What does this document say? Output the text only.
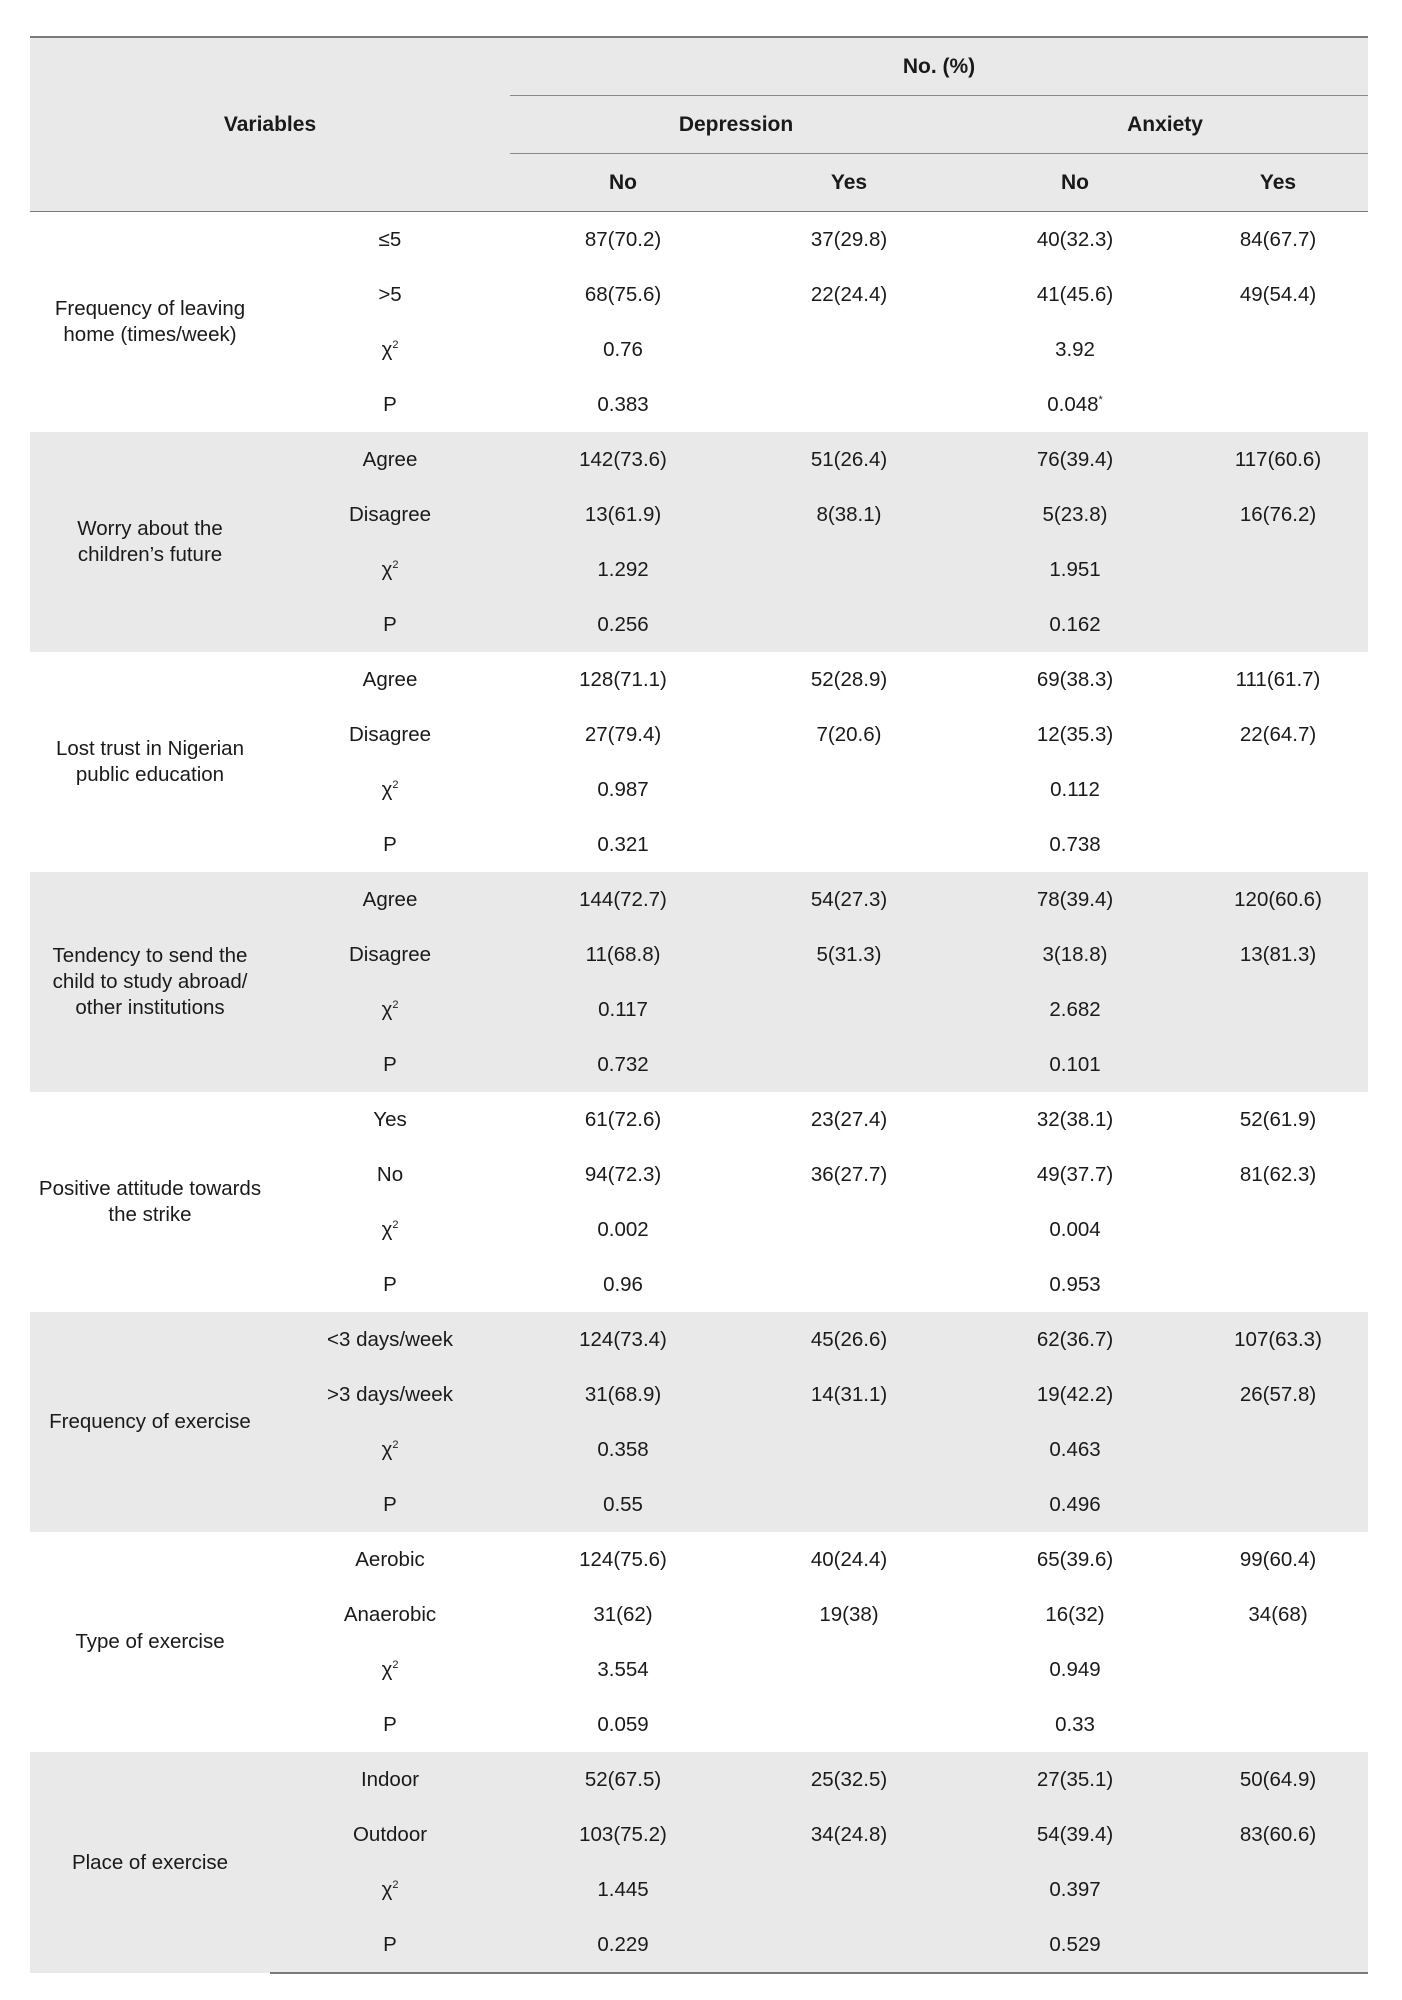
Variables		No. (%)			
		Depression		Anxiety	
		No	Yes	No	Yes
Frequency of leaving home (times/week)	≤5	87(70.2)	37(29.8)	40(32.3)	84(67.7)
	>5	68(75.6)	22(24.4)	41(45.6)	49(54.4)
	$\chi^2$	0.76		3.92	
	P	0.383		0.048*	
Worry about the children’s future	Agree	142(73.6)	51(26.4)	76(39.4)	117(60.6)
	Disagree	13(61.9)	8(38.1)	5(23.8)	16(76.2)
	$\chi^2$	1.292		1.951	
	P	0.256		0.162	
Lost trust in Nigerian public education	Agree	128(71.1)	52(28.9)	69(38.3)	111(61.7)
	Disagree	27(79.4)	7(20.6)	12(35.3)	22(64.7)
	$\chi^2$	0.987		0.112	
	P	0.321		0.738	
Tendency to send the child to study abroad/ other institutions	Agree	144(72.7)	54(27.3)	78(39.4)	120(60.6)
	Disagree	11(68.8)	5(31.3)	3(18.8)	13(81.3)
	$\chi^2$	0.117		2.682	
	P	0.732		0.101	
Positive attitude towards the strike	Yes	61(72.6)	23(27.4)	32(38.1)	52(61.9)
	No	94(72.3)	36(27.7)	49(37.7)	81(62.3)
	$\chi^2$	0.002		0.004	
	P	0.96		0.953	
Frequency of exercise	<3 days/week	124(73.4)	45(26.6)	62(36.7)	107(63.3)
	>3 days/week	31(68.9)	14(31.1)	19(42.2)	26(57.8)
	$\chi^2$	0.358		0.463	
	P	0.55		0.496	
Type of exercise	Aerobic	124(75.6)	40(24.4)	65(39.6)	99(60.4)
	Anaerobic	31(62)	19(38)	16(32)	34(68)
	$\chi^2$	3.554		0.949	
	P	0.059		0.33	
Place of exercise	Indoor	52(67.5)	25(32.5)	27(35.1)	50(64.9)
	Outdoor	103(75.2)	34(24.8)	54(39.4)	83(60.6)
	$\chi^2$	1.445		0.397	
	P	0.229		0.529	
